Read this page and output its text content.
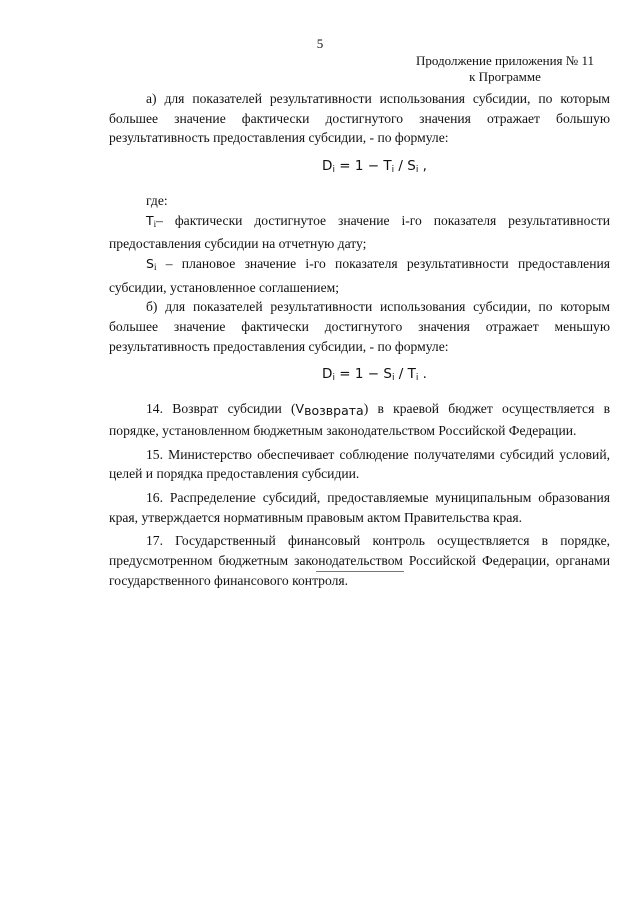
5
Продолжение приложения № 11
к Программе

а) для показателей результативности использования субсидии, по которым большее значение фактически достигнутого значения отражает большую результативность предоставления субсидии, - по формуле:

$D_i = 1 - T_i / S_i$ ,

где:

$T_i-$ фактически достигнутое значение i-го показателя результативности предоставления субсидии на отчетную дату;

$S_i$ – плановое значение i-го показателя результативности предоставления субсидии, установленное соглашением;

б) для показателей результативности использования субсидии, по которым большее значение фактически достигнутого значения отражает меньшую результативность предоставления субсидии, - по формуле:

$D_i = 1 - S_i / T_i$ .

14. Возврат субсидии (Vвозврата) в краевой бюджет осуществляется в порядке, установленном бюджетным законодательством Российской Федерации.

15. Министерство обеспечивает соблюдение получателями субсидий условий, целей и порядка предоставления субсидии.

16. Распределение субсидий, предоставляемые муниципальным образования края, утверждается нормативным правовым актом Правительства края.

17. Государственный финансовый контроль осуществляется в порядке, предусмотренном бюджетным законодательством Российской Федерации, органами государственного финансового контроля.
